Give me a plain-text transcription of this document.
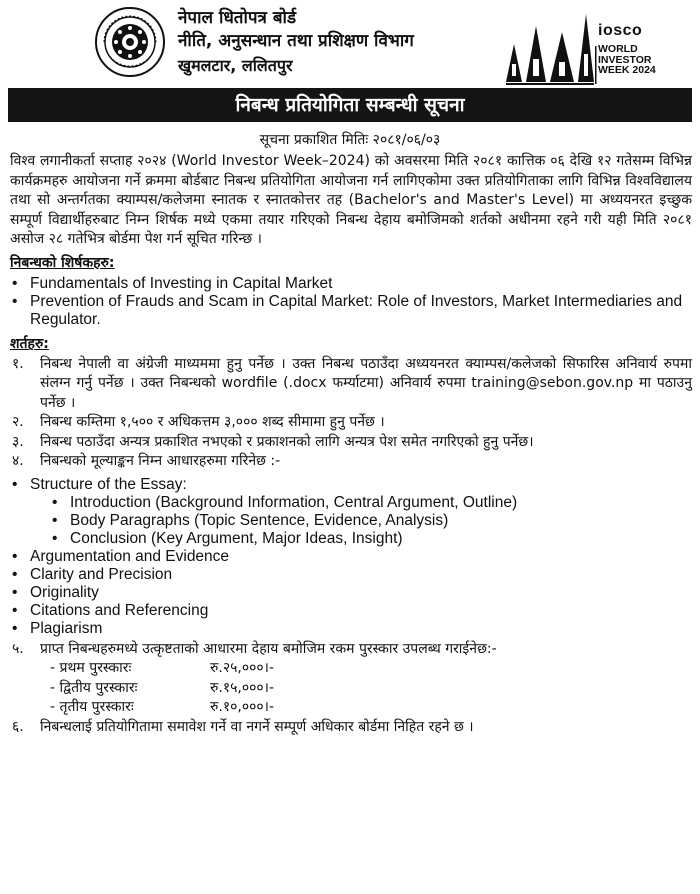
नेपाल धितोपत्र बोर्ड
नीति, अनुसन्धान तथा प्रशिक्षण विभाग
खुमलटार, ललितपुर
iosco
WORLD
INVESTOR
WEEK 2024
निबन्ध प्रतियोगिता सम्बन्धी सूचना
सूचना प्रकाशित मितिः २०८१/०६/०३

विश्व लगानीकर्ता सप्ताह २०२४ (World Investor Week–2024) को अवसरमा मिति २०८१ कात्तिक ०६ देखि १२ गतेसम्म विभिन्न कार्यक्रमहरु आयोजना गर्ने क्रममा बोर्डबाट निबन्ध प्रतियोगिता आयोजना गर्न लागिएकोमा उक्त प्रतियोगिताका लागि विभिन्न विश्वविद्यालय तथा सो अन्तर्गतका क्याम्पस/कलेजमा स्नातक र स्नातकोत्तर तह (Bachelor's and Master's Level) मा अध्ययनरत इच्छुक सम्पूर्ण विद्यार्थीहरुबाट निम्न शिर्षक मध्ये एकमा तयार गरिएको निबन्ध देहाय बमोजिमको शर्तको अधीनमा रहने गरी यही मिति २०८१ असोज २८ गतेभित्र बोर्डमा पेश गर्न सूचित गरिन्छ ।

निबन्धको शिर्षकहरु:
• Fundamentals of Investing in Capital Market
• Prevention of Frauds and Scam in Capital Market: Role of Investors, Market Intermediaries and Regulator.
शर्तहरु:
१. निबन्ध नेपाली वा अंग्रेजी माध्यममा हुनु पर्नेछ । उक्त निबन्ध पठाउँदा अध्ययनरत क्याम्पस/कलेजको सिफारिस अनिवार्य रुपमा संलग्न गर्नु पर्नेछ । उक्त निबन्धको wordfile (.docx फर्म्याटमा) अनिवार्य रुपमा training@sebon.gov.np मा पठाउनु पर्नेछ ।
२. निबन्ध कम्तिमा १,५०० र अधिकत्तम ३,००० शब्द सीमामा हुनु पर्नेछ ।
३. निबन्ध पठाउँदा अन्यत्र प्रकाशित नभएको र प्रकाशनको लागि अन्यत्र पेश समेत नगरिएको हुनु पर्नेछ।
४. निबन्धको मूल्याङ्कन निम्न आधारहरुमा गरिनेछ :-
• Structure of the Essay:
• Introduction (Background Information, Central Argument, Outline)
• Body Paragraphs (Topic Sentence, Evidence, Analysis)
• Conclusion (Key Argument, Major Ideas, Insight)
• Argumentation and Evidence
• Clarity and Precision
• Originality
• Citations and Referencing
• Plagiarism
५. प्राप्त निबन्धहरुमध्ये उत्कृष्टताको आधारमा देहाय बमोजिम रकम पुरस्कार उपलब्ध गराईनेछ:-
- प्रथम पुरस्कारः	रु.२५,०००।-
- द्वितीय पुरस्कारः	रु.१५,०००।-
- तृतीय पुरस्कारः	रु.१०,०००।-
६. निबन्धलाई प्रतियोगितामा समावेश गर्ने वा नगर्ने सम्पूर्ण अधिकार बोर्डमा निहित रहने छ ।
